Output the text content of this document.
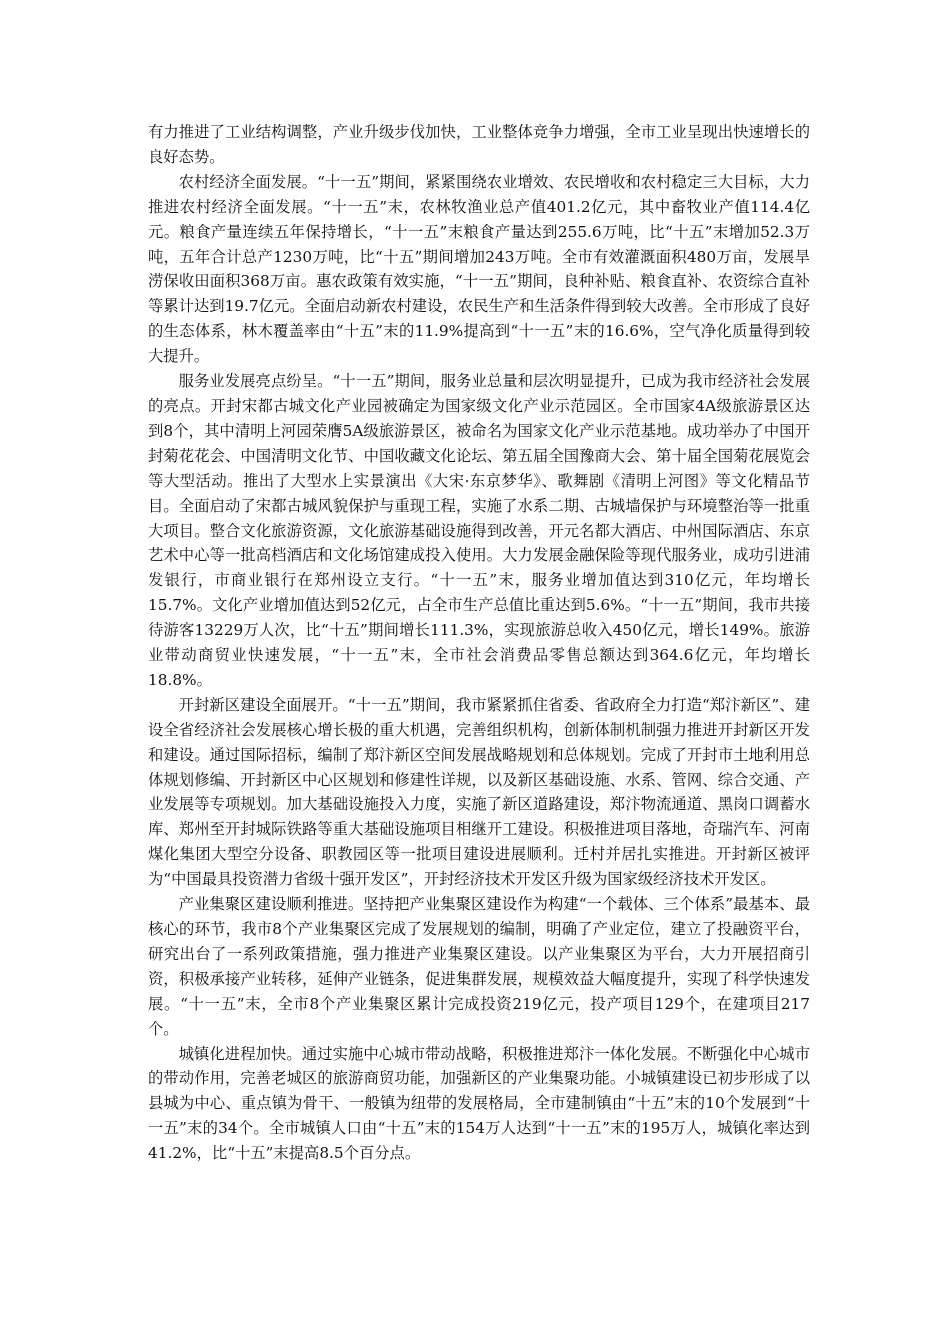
有力推进了工业结构调整，产业升级步伐加快，工业整体竞争力增强，全市工业呈现出快速增长的良好态势。

农村经济全面发展。“十一五”期间，紧紧围绕农业增效、农民增收和农村稳定三大目标，大力推进农村经济全面发展。“十一五”末，农林牧渔业总产值401.2亿元，其中畜牧业产值114.4亿元。粮食产量连续五年保持增长，“十一五”末粮食产量达到255.6万吨，比“十五”末增加52.3万吨，五年合计总产1230万吨，比“十五”期间增加243万吨。全市有效灌溉面积480万亩，发展旱涝保收田面积368万亩。惠农政策有效实施，“十一五”期间，良种补贴、粮食直补、农资综合直补等累计达到19.7亿元。全面启动新农村建设，农民生产和生活条件得到较大改善。全市形成了良好的生态体系，林木覆盖率由“十五”末的11.9%提高到“十一五”末的16.6%，空气净化质量得到较大提升。

服务业发展亮点纷呈。“十一五”期间，服务业总量和层次明显提升，已成为我市经济社会发展的亮点。开封宋都古城文化产业园被确定为国家级文化产业示范园区。全市国家4A级旅游景区达到8个，其中清明上河园荣膺5A级旅游景区，被命名为国家文化产业示范基地。成功举办了中国开封菊花花会、中国清明文化节、中国收藏文化论坛、第五届全国豫商大会、第十届全国菊花展览会等大型活动。推出了大型水上实景演出《大宋·东京梦华》、歌舞剧《清明上河图》等文化精品节目。全面启动了宋都古城风貌保护与重现工程，实施了水系二期、古城墙保护与环境整治等一批重大项目。整合文化旅游资源，文化旅游基础设施得到改善，开元名都大酒店、中州国际酒店、东京艺术中心等一批高档酒店和文化场馆建成投入使用。大力发展金融保险等现代服务业，成功引进浦发银行，市商业银行在郑州设立支行。“十一五”末，服务业增加值达到310亿元，年均增长15.7%。文化产业增加值达到52亿元，占全市生产总值比重达到5.6%。“十一五”期间，我市共接待游客13229万人次，比“十五”期间增长111.3%，实现旅游总收入450亿元，增长149%。旅游业带动商贸业快速发展，“十一五”末，全市社会消费品零售总额达到364.6亿元，年均增长18.8%。

开封新区建设全面展开。“十一五”期间，我市紧紧抓住省委、省政府全力打造“郑汴新区”、建设全省经济社会发展核心增长极的重大机遇，完善组织机构，创新体制机制强力推进开封新区开发和建设。通过国际招标，编制了郑汴新区空间发展战略规划和总体规划。完成了开封市土地利用总体规划修编、开封新区中心区规划和修建性详规，以及新区基础设施、水系、管网、综合交通、产业发展等专项规划。加大基础设施投入力度，实施了新区道路建设，郑汴物流通道、黑岗口调蓄水库、郑州至开封城际铁路等重大基础设施项目相继开工建设。积极推进项目落地，奇瑞汽车、河南煤化集团大型空分设备、职教园区等一批项目建设进展顺利。迁村并居扎实推进。开封新区被评为“中国最具投资潜力省级十强开发区”，开封经济技术开发区升级为国家级经济技术开发区。

产业集聚区建设顺利推进。坚持把产业集聚区建设作为构建“一个载体、三个体系”最基本、最核心的环节，我市8个产业集聚区完成了发展规划的编制，明确了产业定位，建立了投融资平台，研究出台了一系列政策措施，强力推进产业集聚区建设。以产业集聚区为平台，大力开展招商引资，积极承接产业转移，延伸产业链条，促进集群发展，规模效益大幅度提升，实现了科学快速发展。“十一五”末，全市8个产业集聚区累计完成投资219亿元，投产项目129个，在建项目217个。

城镇化进程加快。通过实施中心城市带动战略，积极推进郑汴一体化发展。不断强化中心城市的带动作用，完善老城区的旅游商贸功能，加强新区的产业集聚功能。小城镇建设已初步形成了以县城为中心、重点镇为骨干、一般镇为纽带的发展格局，全市建制镇由“十五”末的10个发展到“十一五”末的34个。全市城镇人口由“十五”末的154万人达到“十一五”末的195万人，城镇化率达到41.2%，比“十五”末提高8.5个百分点。
